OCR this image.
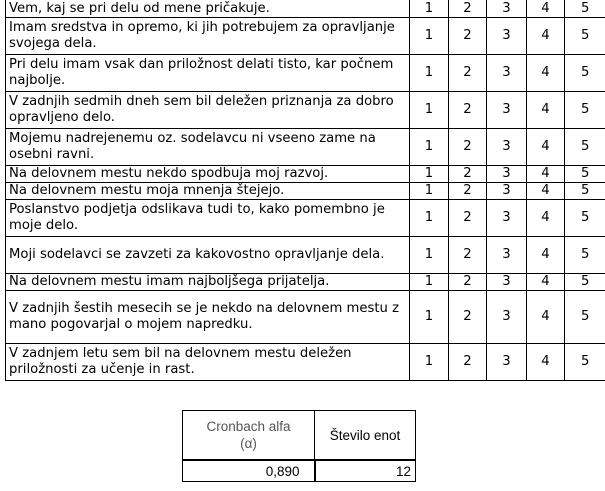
Vem, kaj se pri delu od mene pričakuje.	1	2	3	4	5
Imam sredstva in opremo, ki jih potrebujem za opravljanje svojega dela.	1	2	3	4	5
Pri delu imam vsak dan priložnost delati tisto, kar počnem najbolje.	1	2	3	4	5
V zadnjih sedmih dneh sem bil deležen priznanja za dobro opravljeno delo.	1	2	3	4	5
Mojemu nadrejenemu oz. sodelavcu ni vseeno zame na osebni ravni.	1	2	3	4	5
Na delovnem mestu nekdo spodbuja moj razvoj.	1	2	3	4	5
Na delovnem mestu moja mnenja štejejo.	1	2	3	4	5
Poslanstvo podjetja odslikava tudi to, kako pomembno je moje delo.	1	2	3	4	5
Moji sodelavci se zavzeti za kakovostno opravljanje dela.	1	2	3	4	5
Na delovnem mestu imam najboljšega prijatelja.	1	2	3	4	5
V zadnjih šestih mesecih se je nekdo na delovnem mestu z mano pogovarjal o mojem napredku.	1	2	3	4	5
V zadnjem letu sem bil na delovnem mestu deležen priložnosti za učenje in rast.	1	2	3	4	5
Cronbach alfa
(α)	Število enot
0,890	12
